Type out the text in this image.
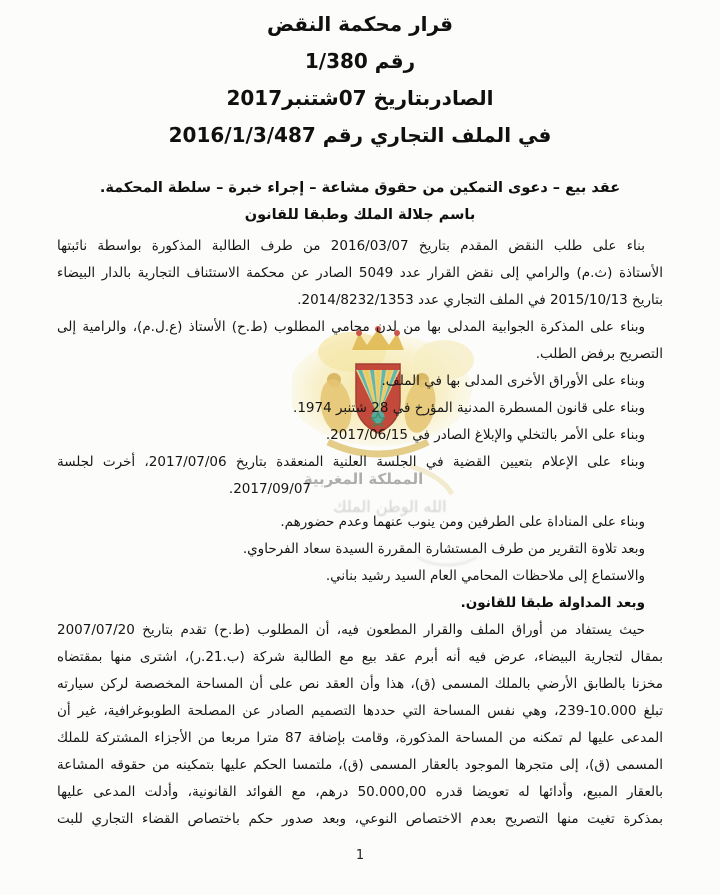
المملكة المغربية
الله الوطن الملك
قرار محكمة النقض
رقم 1/380
الصادربتاريخ 07شتنبر2017
في الملف التجاري رقم 2016/1/3/487
عقد بيع – دعوى التمكين من حقوق مشاعة – إجراء خبرة – سلطة المحكمة.
باسم جلالة الملك وطبقا للقانون
بناء على طلب النقض المقدم بتاريخ 2016/03/07 من طرف الطالبة المذكورة بواسطة نائبتها
الأستاذة (ث.م) والرامي إلى نقض القرار عدد 5049 الصادر عن محكمة الاستئناف التجارية بالدار البيضاء
بتاريخ 2015/10/13 في الملف التجاري عدد 2014/8232/1353.
وبناء على المذكرة الجوابية المدلى بها من لدن محامي المطلوب (ط.ح) الأستاذ (ع.ل.م)، والرامية إلى
التصريح برفض الطلب.
وبناء على الأوراق الأخرى المدلى بها في الملف.
وبناء على قانون المسطرة المدنية المؤرخ في 28 شتنبر 1974.
وبناء على الأمر بالتخلي والإبلاغ الصادر في 2017/06/15.
وبناء على الإعلام بتعيين القضية في الجلسة العلنية المنعقدة بتاريخ 2017/07/06، أخرت لجلسة
2017/09/07.
وبناء على المناداة على الطرفين ومن ينوب عنهما وعدم حضورهم.
وبعد تلاوة التقرير من طرف المستشارة المقررة السيدة سعاد الفرحاوي.
والاستماع إلى ملاحظات المحامي العام السيد رشيد بناني.
وبعد المداولة طبقا للقانون.
حيث يستفاد من أوراق الملف والقرار المطعون فيه، أن المطلوب (ط.ح) تقدم بتاريخ 2007/07/20
بمقال لتجارية البيضاء، عرض فيه أنه أبرم عقد بيع مع الطالبة شركة (ب.21.ر)، اشترى منها بمقتضاه
مخزنا بالطابق الأرضي بالملك المسمى (ق)، هذا وأن العقد نص على أن المساحة المخصصة لركن سيارته
تبلغ 10.000-239، وهي نفس المساحة التي حددها التصميم الصادر عن المصلحة الطوبوغرافية، غير أن
المدعى عليها لم تمكنه من المساحة المذكورة، وقامت بإضافة 87 مترا مربعا من الأجزاء المشتركة للملك
المسمى (ق)، إلى متجرها الموجود بالعقار المسمى (ق)، ملتمسا الحكم عليها بتمكينه من حقوقه المشاعة
بالعقار المبيع، وأدائها له تعويضا قدره 50.000,00 درهم، مع الفوائد القانونية، وأدلت المدعى عليها
بمذكرة تغيت منها التصريح بعدم الاختصاص النوعي، وبعد صدور حكم باختصاص القضاء التجاري للبت
1
